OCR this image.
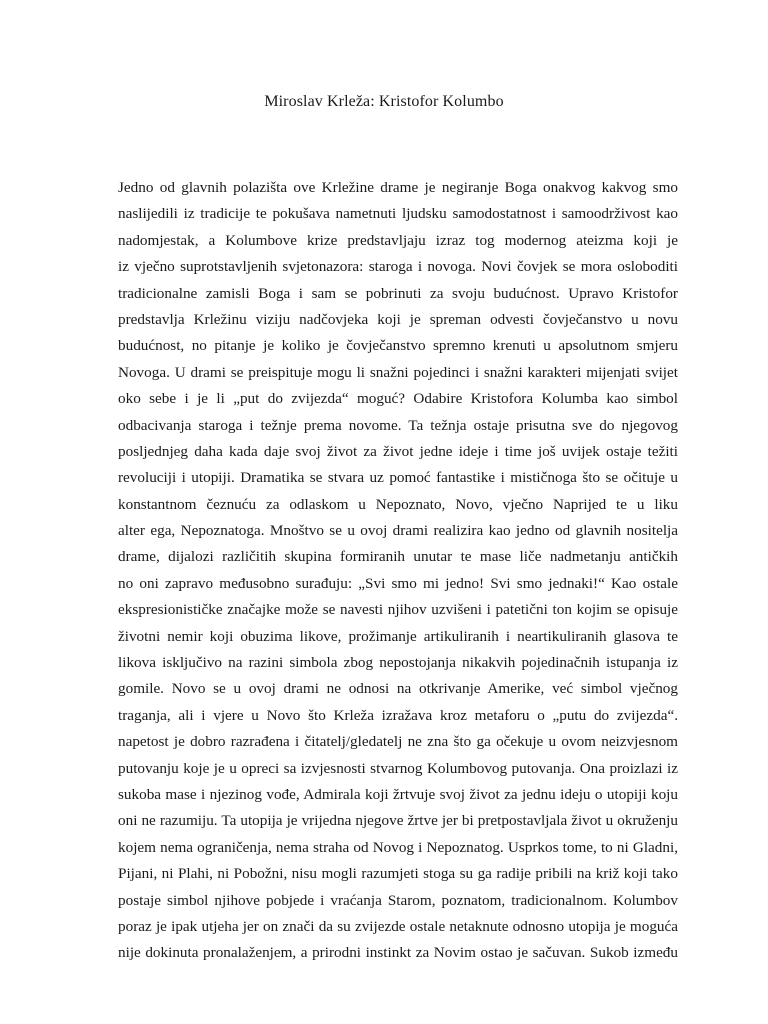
Miroslav Krleža: Kristofor Kolumbo
Jedno od glavnih polazišta ove Krležine drame je negiranje Boga onakvog kakvog smo
naslijedili iz tradicije te pokušava nametnuti ljudsku samodostatnost i samoodrživost kao
nadomjestak, a Kolumbove krize predstavljaju izraz tog modernog ateizma koji je
iz vječno suprotstavljenih svjetonazora: staroga i novoga. Novi čovjek se mora osloboditi
tradicionalne zamisli Boga i sam se pobrinuti za svoju budućnost. Upravo Kristofor
predstavlja Krležinu viziju nadčovjeka koji je spreman odvesti čovječanstvo u novu
budućnost, no pitanje je koliko je čovječanstvo spremno krenuti u apsolutnom smjeru
Novoga. U drami se preispituje mogu li snažni pojedinci i snažni karakteri mijenjati svijet
oko sebe i je li „put do zvijezda“ moguć? Odabire Kristofora Kolumba kao simbol
odbacivanja staroga i težnje prema novome. Ta težnja ostaje prisutna sve do njegovog
posljednjeg daha kada daje svoj život za život jedne ideje i time još uvijek ostaje težiti
revoluciji i utopiji. Dramatika se stvara uz pomoć fantastike i mističnoga što se očituje u
konstantnom čeznuću za odlaskom u Nepoznato, Novo, vječno Naprijed te u liku
alter ega, Nepoznatoga. Mnoštvo se u ovoj drami realizira kao jedno od glavnih nositelja
drame, dijalozi različitih skupina formiranih unutar te mase liče nadmetanju antičkih
no oni zapravo međusobno surađuju: „Svi smo mi jedno! Svi smo jednaki!“ Kao ostale
ekspresionističke značajke može se navesti njihov uzvišeni i patetični ton kojim se opisuje
životni nemir koji obuzima likove, prožimanje artikuliranih i neartikuliranih glasova te
likova isključivo na razini simbola zbog nepostojanja nikakvih pojedinačnih istupanja iz
gomile. Novo se u ovoj drami ne odnosi na otkrivanje Amerike, već simbol vječnog
traganja, ali i vjere u Novo što Krleža izražava kroz metaforu o „putu do zvijezda“.
napetost je dobro razrađena i čitatelj/gledatelj ne zna što ga očekuje u ovom neizvjesnom
putovanju koje je u opreci sa izvjesnosti stvarnog Kolumbovog putovanja. Ona proizlazi iz
sukoba mase i njezinog vođe, Admirala koji žrtvuje svoj život za jednu ideju o utopiji koju
oni ne razumiju. Ta utopija je vrijedna njegove žrtve jer bi pretpostavljala život u okruženju
kojem nema ograničenja, nema straha od Novog i Nepoznatog. Usprkos tome, to ni Gladni,
Pijani, ni Plahi, ni Pobožni, nisu mogli razumjeti stoga su ga radije pribili na križ koji tako
postaje simbol njihove pobjede i vraćanja Starom, poznatom, tradicionalnom. Kolumbov
poraz je ipak utjeha jer on znači da su zvijezde ostale netaknute odnosno utopija je moguća
nije dokinuta pronalaženjem, a prirodni instinkt za Novim ostao je sačuvan. Sukob između
